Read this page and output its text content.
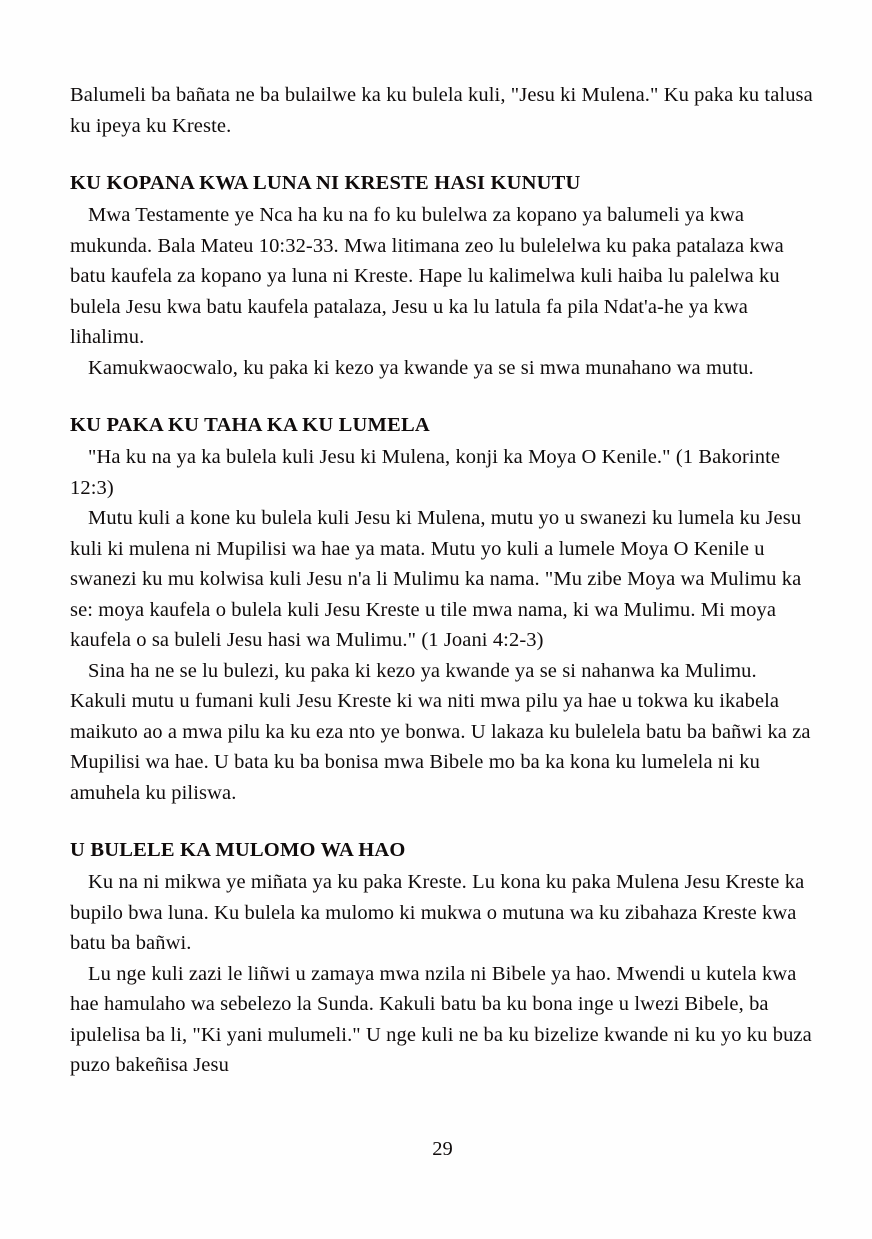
Balumeli ba bañata ne ba bulailwe ka ku bulela kuli, "Jesu ki Mulena." Ku paka ku talusa ku ipeya ku Kreste.

KU KOPANA KWA LUNA NI KRESTE HASI KUNUTU

Mwa Testamente ye Nca ha ku na fo ku bulelwa za kopano ya balumeli ya kwa mukunda. Bala Mateu 10:32-33. Mwa litimana zeo lu bulelelwa ku paka patalaza kwa batu kaufela za kopano ya luna ni Kreste. Hape lu kalimelwa kuli haiba lu palelwa ku bulela Jesu kwa batu kaufela patalaza, Jesu u ka lu latula fa pila Ndat'a-he ya kwa lihalimu.

Kamukwaocwalo, ku paka ki kezo ya kwande ya se si mwa munahano wa mutu.

KU PAKA KU TAHA KA KU LUMELA

"Ha ku na ya ka bulela kuli Jesu ki Mulena, konji ka Moya O Kenile." (1 Bakorinte 12:3)

Mutu kuli a kone ku bulela kuli Jesu ki Mulena, mutu yo u swanezi ku lumela ku Jesu kuli ki mulena ni Mupilisi wa hae ya mata. Mutu yo kuli a lumele Moya O Kenile u swanezi ku mu kolwisa kuli Jesu n'a li Mulimu ka nama. "Mu zibe Moya wa Mulimu ka se: moya kaufela o bulela kuli Jesu Kreste u tile mwa nama, ki wa Mulimu. Mi moya kaufela o sa buleli Jesu hasi wa Mulimu." (1 Joani 4:2-3)

Sina ha ne se lu bulezi, ku paka ki kezo ya kwande ya se si nahanwa ka Mulimu. Kakuli mutu u fumani kuli Jesu Kreste ki wa niti mwa pilu ya hae u tokwa ku ikabela maikuto ao a mwa pilu ka ku eza nto ye bonwa. U lakaza ku bulelela batu ba bañwi ka za Mupilisi wa hae. U bata ku ba bonisa mwa Bibele mo ba ka kona ku lumelela ni ku amuhela ku piliswa.

U BULELE KA MULOMO WA HAO

Ku na ni mikwa ye miñata ya ku paka Kreste. Lu kona ku paka Mulena Jesu Kreste ka bupilo bwa luna. Ku bulela ka mulomo ki mukwa o mutuna wa ku zibahaza Kreste kwa batu ba bañwi.

Lu nge kuli zazi le liñwi u zamaya mwa nzila ni Bibele ya hao. Mwendi u kutela kwa hae hamulaho wa sebelezo la Sunda. Kakuli batu ba ku bona inge u lwezi Bibele, ba ipulelisa ba li, "Ki yani mulumeli." U nge kuli ne ba ku bizelize kwande ni ku yo ku buza puzo bakeñisa Jesu

29
